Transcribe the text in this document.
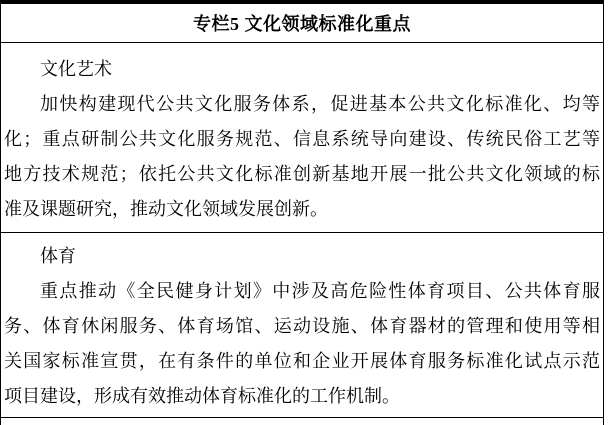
专栏5 文化领域标准化重点
文化艺术
加快构建现代公共文化服务体系，促进基本公共文化标准化、均等
化；重点研制公共文化服务规范、信息系统导向建设、传统民俗工艺等
地方技术规范；依托公共文化标准创新基地开展一批公共文化领域的标
准及课题研究，推动文化领域发展创新。
体育
重点推动《全民健身计划》中涉及高危险性体育项目、公共体育服
务、体育休闲服务、体育场馆、运动设施、体育器材的管理和使用等相
关国家标准宣贯，在有条件的单位和企业开展体育服务标准化试点示范
项目建设，形成有效推动体育标准化的工作机制。
